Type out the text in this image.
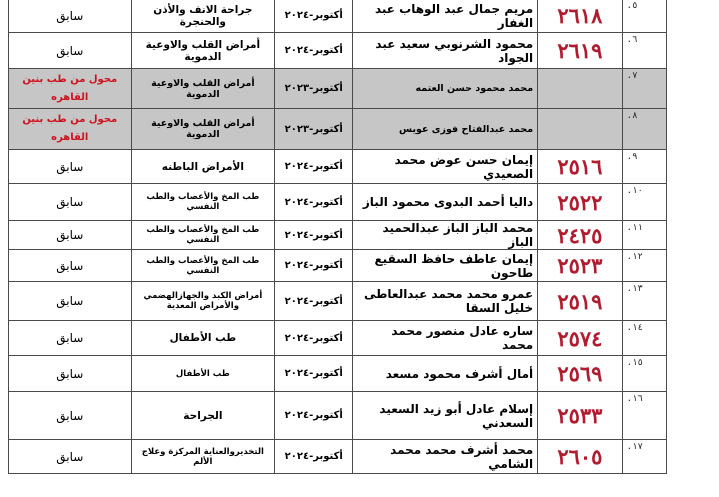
٥.	٢٦١٨	مريم جمال عبد الوهاب عبد الغفار	أكتوبر-٢٠٢٤	جراحة الانف والأذن والحنجرة	سابق
٦.	٢٦١٩	محمود الشرنوبي سعيد عبد الجواد	أكتوبر-٢٠٢٤	أمراض القلب والاوعية الدموية	سابق
٧.		محمد محمود حسن العتمه	أكتوبر-٢٠٢٣	أمراض القلب والاوعية الدموية	محول من طب بنين القاهره
٨.		محمد عبدالفتاح فوزى عويس	أكتوبر-٢٠٢٣	أمراض القلب والاوعية الدموية	محول من طب بنين القاهره
٩.	٢٥١٦	إيمان حسن عوض محمد الصعيدي	أكتوبر-٢٠٢٤	الأمراض الباطنه	سابق
١٠.	٢٥٢٢	داليا أحمد البدوى محمود الباز	أكتوبر-٢٠٢٤	طب المخ والأعصاب والطب النفسي	سابق
١١.	٢٤٢٥	محمد الباز الباز عبدالحميد الباز	أكتوبر-٢٠٢٤	طب المخ والأعصاب والطب النفسي	سابق
١٢.	٢٥٢٣	إيمان عاطف حافظ السقيع طاحون	أكتوبر-٢٠٢٤	طب المخ والأعصاب والطب النفسي	سابق
١٣.	٢٥١٩	عمرو محمد محمد عبدالعاطى خليل السقا	أكتوبر-٢٠٢٤	أمراض الكبد والجهازالهضمي والأمراض المعدية	سابق
١٤.	٢٥٧٤	ساره عادل منصور محمد محمد	أكتوبر-٢٠٢٤	طب الأطفال	سابق
١٥.	٢٥٦٩	أمال أشرف محمود مسعد	أكتوبر-٢٠٢٤	طب الأطفال	سابق
١٦.	٢٥٣٣	إسلام عادل أبو زيد السعيد السعدني	أكتوبر-٢٠٢٤	الجراحة	سابق
١٧.	٢٦٠٥	محمد أشرف محمد محمد الشامي	أكتوبر-٢٠٢٤	التخديروالعناية المركزة وعلاج الألم	سابق
